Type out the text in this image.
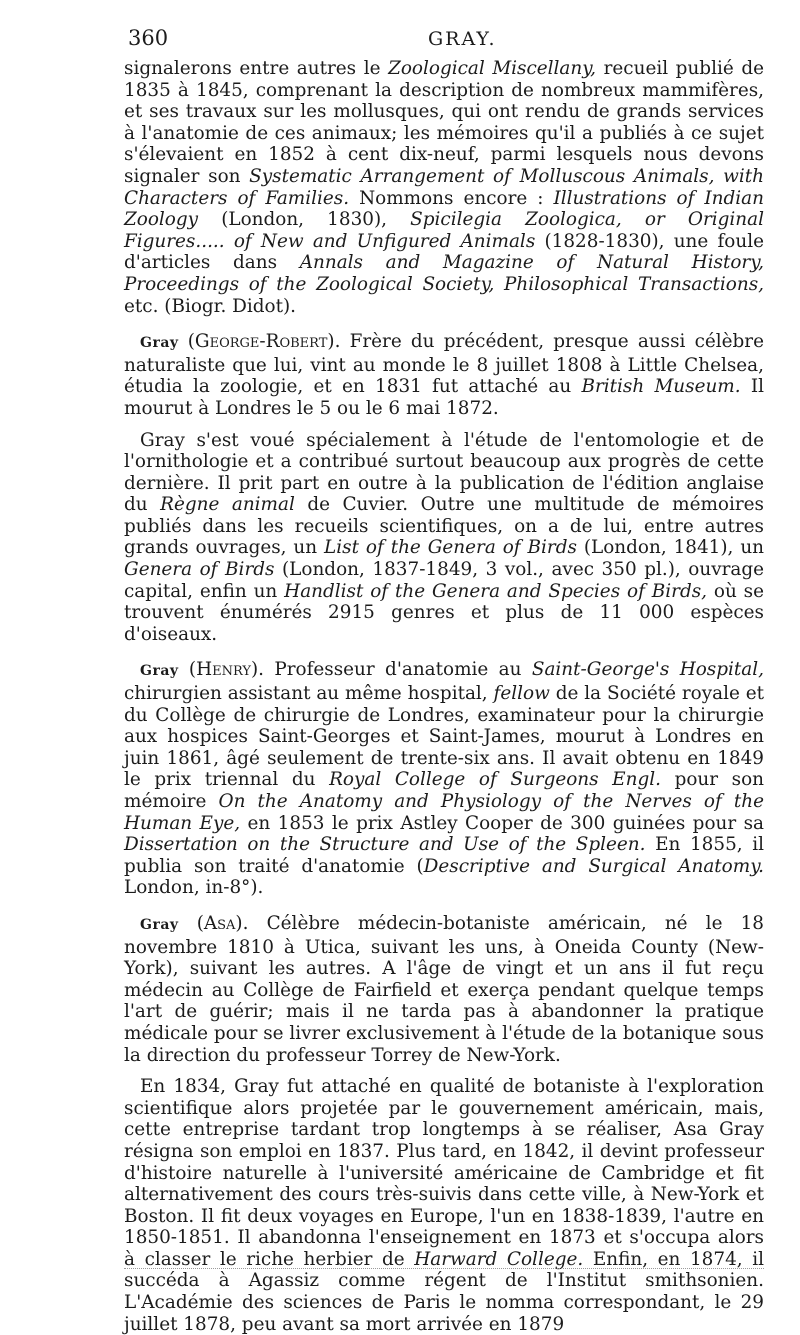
360	GRAY.

signalerons entre autres le Zoological Miscellany, recueil publié de 1835 à 1845, comprenant la description de nombreux mammifères, et ses travaux sur les mollusques, qui ont rendu de grands services à l'anatomie de ces animaux; les mémoires qu'il a publiés à ce sujet s'élevaient en 1852 à cent dix-neuf, parmi lesquels nous devons signaler son Systematic Arrangement of Molluscous Animals, with Characters of Families. Nommons encore : Illustrations of Indian Zoology (London, 1830), Spicilegia Zoologica, or Original Figures..... of New and Unfigured Animals (1828-1830), une foule d'articles dans Annals and Magazine of Natural History, Proceedings of the Zoological Society, Philosophical Transactions, etc. (Biogr. Didot).

Gray (George-Robert). Frère du précédent, presque aussi célèbre naturaliste que lui, vint au monde le 8 juillet 1808 à Little Chelsea, étudia la zoologie, et en 1831 fut attaché au British Museum. Il mourut à Londres le 5 ou le 6 mai 1872.

Gray s'est voué spécialement à l'étude de l'entomologie et de l'ornithologie et a contribué surtout beaucoup aux progrès de cette dernière. Il prit part en outre à la publication de l'édition anglaise du Règne animal de Cuvier. Outre une multitude de mémoires publiés dans les recueils scientifiques, on a de lui, entre autres grands ouvrages, un List of the Genera of Birds (London, 1841), un Genera of Birds (London, 1837-1849, 3 vol., avec 350 pl.), ouvrage capital, enfin un Handlist of the Genera and Species of Birds, où se trouvent énumérés 2915 genres et plus de 11 000 espèces d'oiseaux.

Gray (Henry). Professeur d'anatomie au Saint-George's Hospital, chirurgien assistant au même hospital, fellow de la Société royale et du Collège de chirurgie de Londres, examinateur pour la chirurgie aux hospices Saint-Georges et Saint-James, mourut à Londres en juin 1861, âgé seulement de trente-six ans. Il avait obtenu en 1849 le prix triennal du Royal College of Surgeons Engl. pour son mémoire On the Anatomy and Physiology of the Nerves of the Human Eye, en 1853 le prix Astley Cooper de 300 guinées pour sa Dissertation on the Structure and Use of the Spleen. En 1855, il publia son traité d'anatomie (Descriptive and Surgical Anatomy. London, in-8°).

Gray (Asa). Célèbre médecin-botaniste américain, né le 18 novembre 1810 à Utica, suivant les uns, à Oneida County (New-York), suivant les autres. A l'âge de vingt et un ans il fut reçu médecin au Collège de Fairfield et exerça pendant quelque temps l'art de guérir; mais il ne tarda pas à abandonner la pratique médicale pour se livrer exclusivement à l'étude de la botanique sous la direction du professeur Torrey de New-York.

En 1834, Gray fut attaché en qualité de botaniste à l'exploration scientifique alors projetée par le gouvernement américain, mais, cette entreprise tardant trop longtemps à se réaliser, Asa Gray résigna son emploi en 1837. Plus tard, en 1842, il devint professeur d'histoire naturelle à l'université américaine de Cambridge et fit alternativement des cours très-suivis dans cette ville, à New-York et Boston. Il fit deux voyages en Europe, l'un en 1838-1839, l'autre en 1850-1851. Il abandonna l'enseignement en 1873 et s'occupa alors à classer le riche herbier de Harward College. Enfin, en 1874, il succéda à Agassiz comme régent de l'Institut smithsonien. L'Académie des sciences de Paris le nomma correspondant, le 29 juillet 1878, peu avant sa mort arrivée en 1879
